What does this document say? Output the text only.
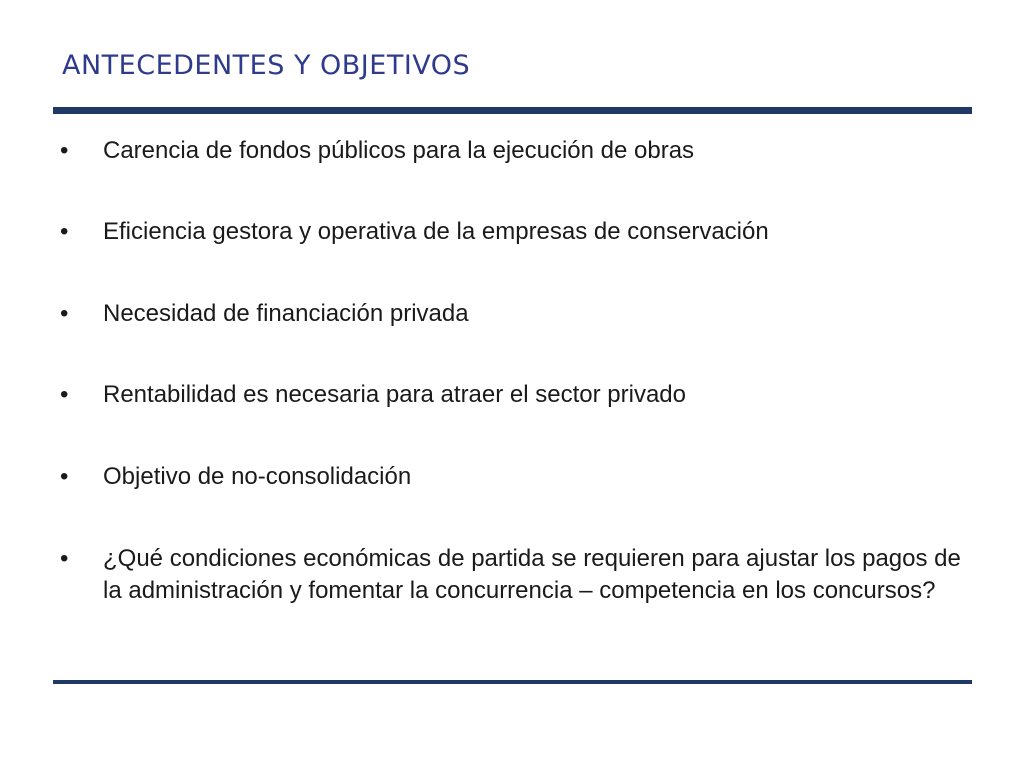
ANTECEDENTES Y OBJETIVOS
•	Carencia de fondos públicos para la ejecución de obras
•	Eficiencia gestora y operativa de la empresas de conservación
•	Necesidad de financiación privada
•	Rentabilidad es necesaria para atraer el sector privado
•	Objetivo de no-consolidación
•	¿Qué condiciones económicas de partida se requieren para ajustar los pagos de la administración y fomentar la concurrencia – competencia en los concursos?
